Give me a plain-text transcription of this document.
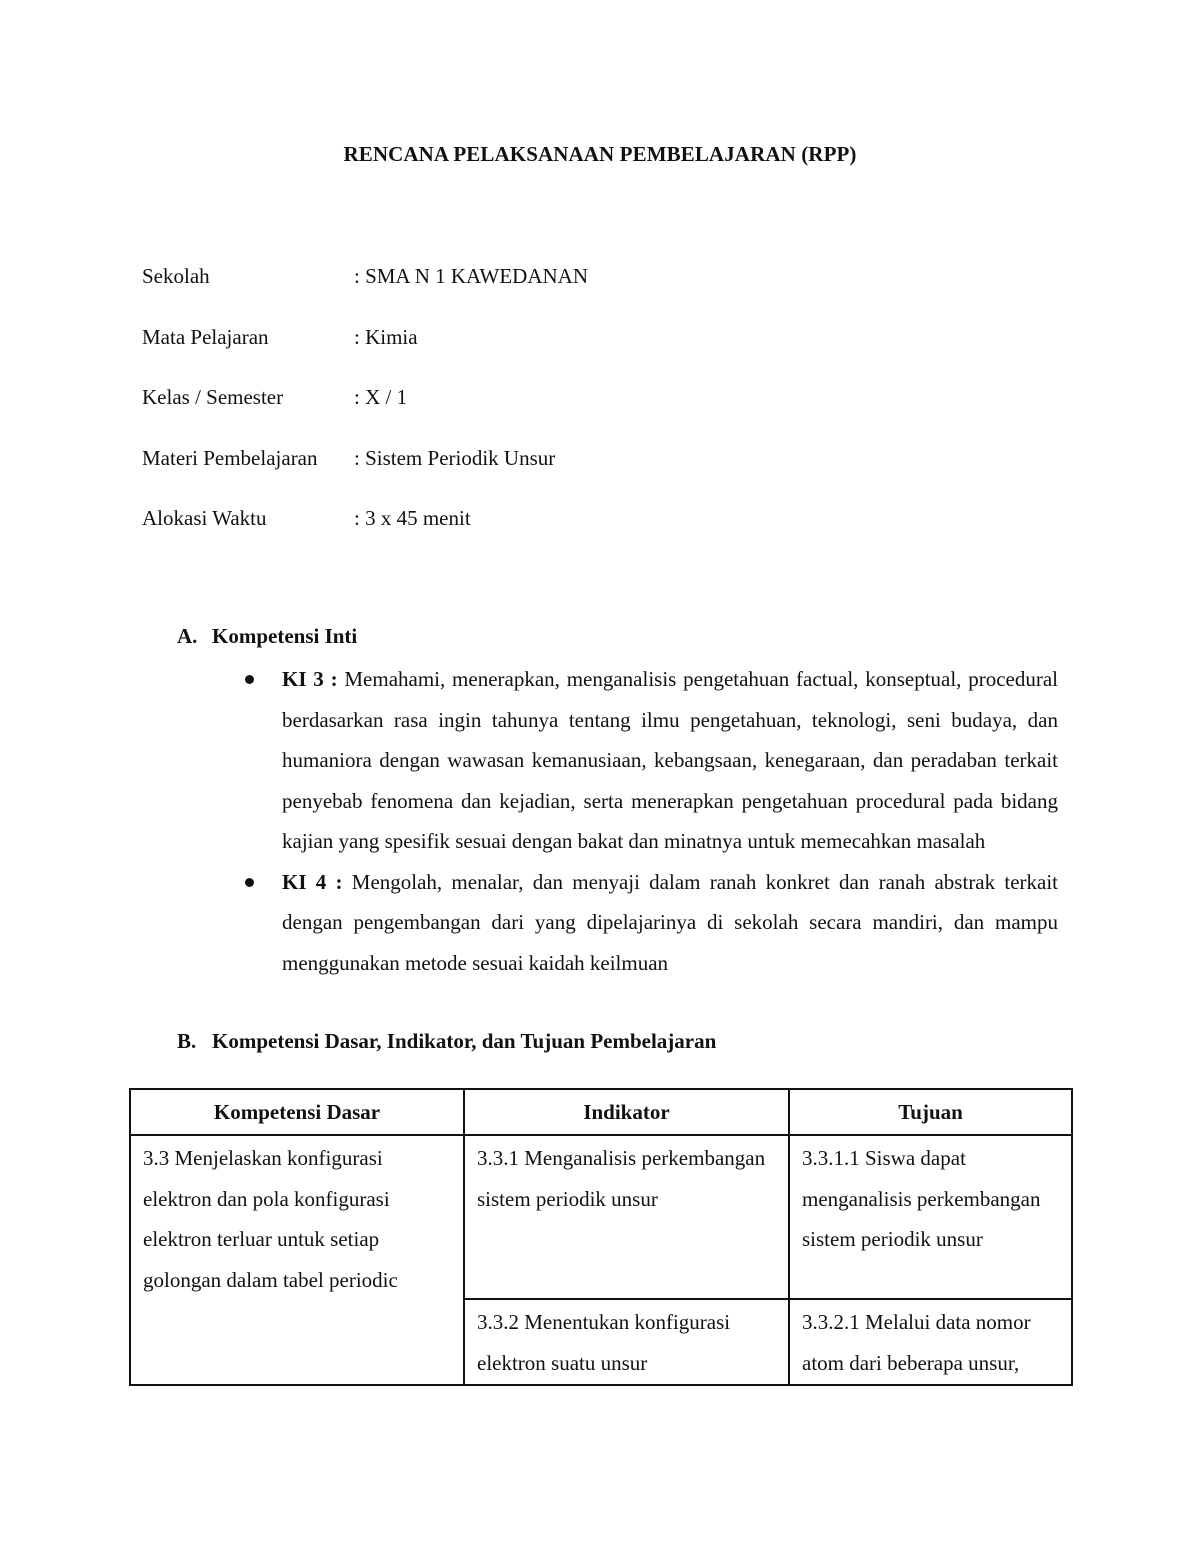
RENCANA PELAKSANAAN PEMBELAJARAN (RPP)
Sekolah	: SMA N 1 KAWEDANAN
Mata Pelajaran	: Kimia
Kelas / Semester	: X / 1
Materi Pembelajaran	: Sistem Periodik Unsur
Alokasi Waktu	: 3 x 45 menit
A. Kompetensi Inti
KI 3 : Memahami, menerapkan, menganalisis pengetahuan factual, konseptual, procedural berdasarkan rasa ingin tahunya tentang ilmu pengetahuan, teknologi, seni budaya, dan humaniora dengan wawasan kemanusiaan, kebangsaan, kenegaraan, dan peradaban terkait penyebab fenomena dan kejadian, serta menerapkan pengetahuan procedural pada bidang kajian yang spesifik sesuai dengan bakat dan minatnya untuk memecahkan masalah
KI 4 : Mengolah, menalar, dan menyaji dalam ranah konkret dan ranah abstrak terkait dengan pengembangan dari yang dipelajarinya di sekolah secara mandiri, dan mampu menggunakan metode sesuai kaidah keilmuan
B. Kompetensi Dasar, Indikator, dan Tujuan Pembelajaran
Kompetensi Dasar	Indikator	Tujuan

3.3 Menjelaskan konfigurasi elektron dan pola konfigurasi elektron terluar untuk setiap golongan dalam tabel periodic	3.3.1 Menganalisis perkembangan sistem periodik unsur	3.3.1.1 Siswa dapat menganalisis perkembangan sistem periodik unsur

	3.3.2 Menentukan konfigurasi elektron suatu unsur	3.3.2.1 Melalui data nomor atom dari beberapa unsur,
